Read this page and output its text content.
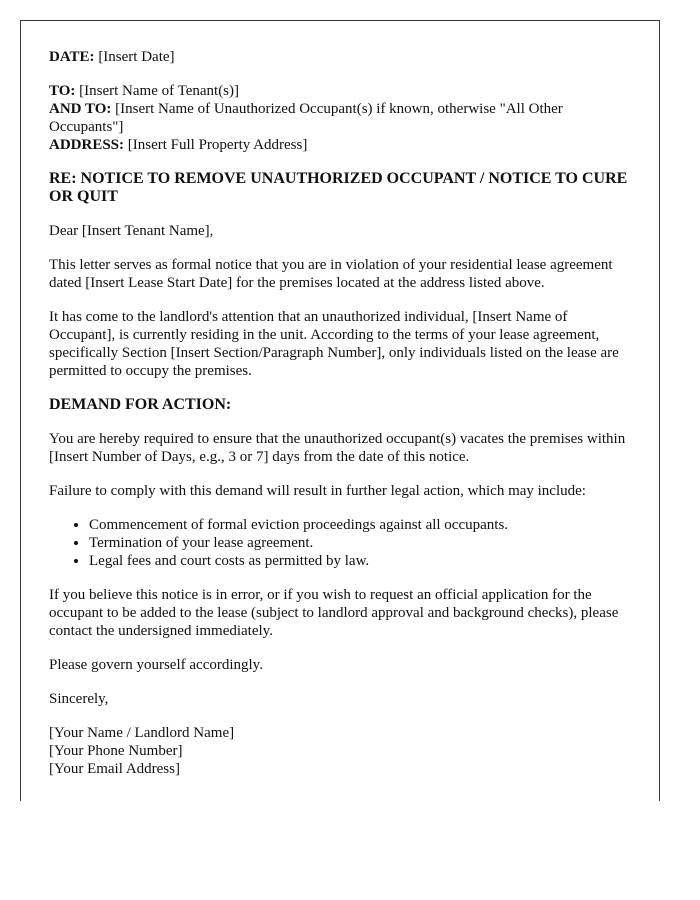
DATE: [Insert Date]

TO: [Insert Name of Tenant(s)]
AND TO: [Insert Name of Unauthorized Occupant(s) if known, otherwise "All Other Occupants"]
ADDRESS: [Insert Full Property Address]

RE: NOTICE TO REMOVE UNAUTHORIZED OCCUPANT / NOTICE TO CURE OR QUIT

Dear [Insert Tenant Name],

This letter serves as formal notice that you are in violation of your residential lease agreement dated [Insert Lease Start Date] for the premises located at the address listed above.

It has come to the landlord's attention that an unauthorized individual, [Insert Name of Occupant], is currently residing in the unit. According to the terms of your lease agreement, specifically Section [Insert Section/Paragraph Number], only individuals listed on the lease are permitted to occupy the premises.

DEMAND FOR ACTION:

You are hereby required to ensure that the unauthorized occupant(s) vacates the premises within [Insert Number of Days, e.g., 3 or 7] days from the date of this notice.

Failure to comply with this demand will result in further legal action, which may include:

• Commencement of formal eviction proceedings against all occupants.
• Termination of your lease agreement.
• Legal fees and court costs as permitted by law.

If you believe this notice is in error, or if you wish to request an official application for the occupant to be added to the lease (subject to landlord approval and background checks), please contact the undersigned immediately.

Please govern yourself accordingly.

Sincerely,

[Your Name / Landlord Name]

[Your Phone Number]

[Your Email Address]
